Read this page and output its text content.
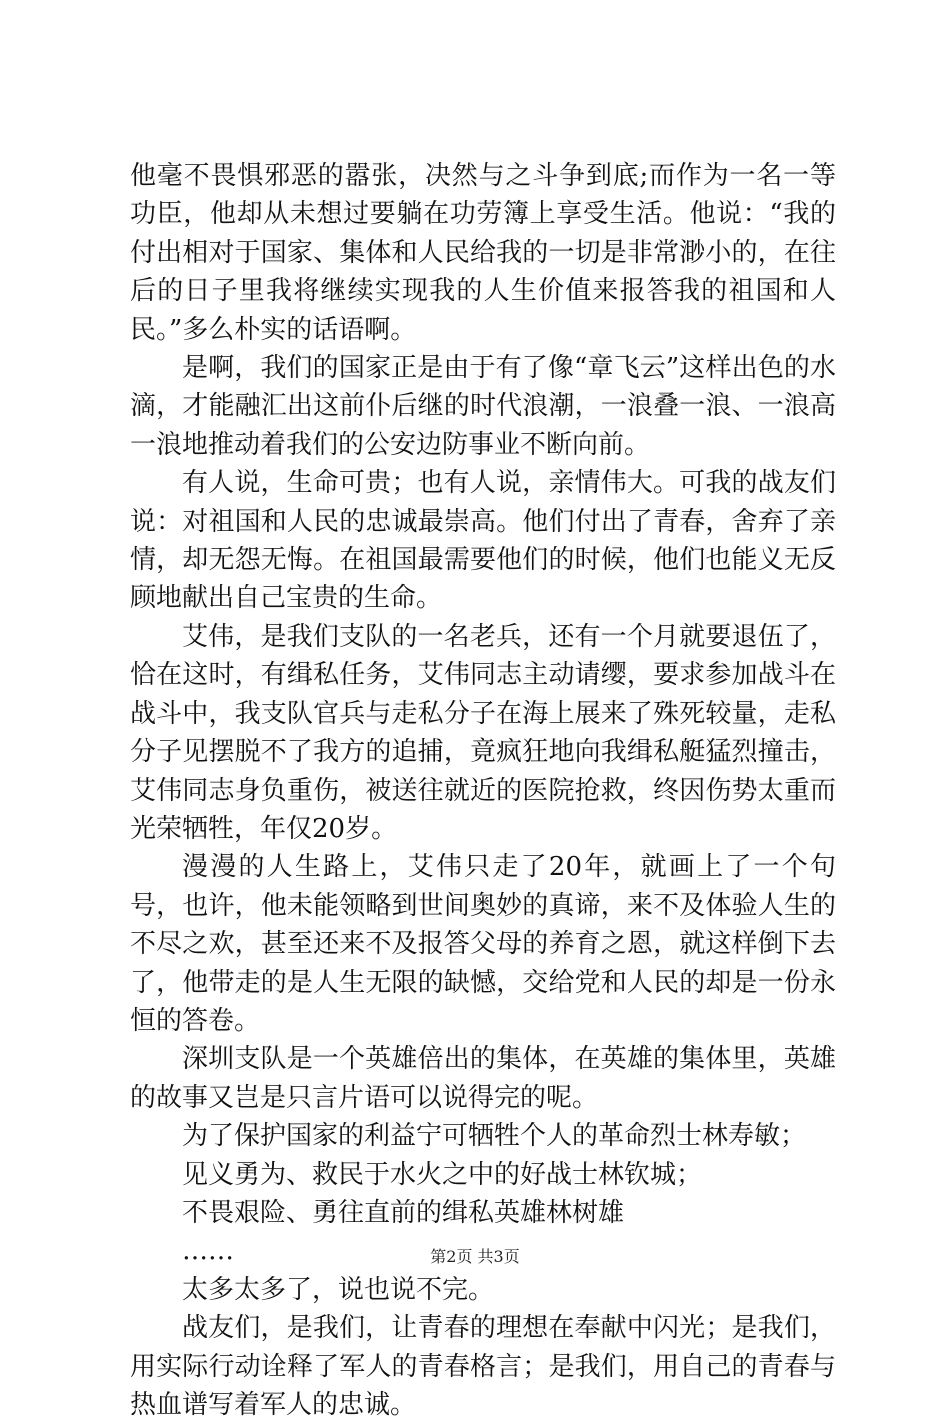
他毫不畏惧邪恶的嚣张，决然与之斗争到底;而作为一名一等功臣，他却从未想过要躺在功劳簿上享受生活。他说：“我的付出相对于国家、集体和人民给我的一切是非常渺小的，在往后的日子里我将继续实现我的人生价值来报答我的祖国和人民。”多么朴实的话语啊。

是啊，我们的国家正是由于有了像“章飞云”这样出色的水滴，才能融汇出这前仆后继的时代浪潮，一浪叠一浪、一浪高一浪地推动着我们的公安边防事业不断向前。

有人说，生命可贵；也有人说，亲情伟大。可我的战友们说：对祖国和人民的忠诚最崇高。他们付出了青春，舍弃了亲情，却无怨无悔。在祖国最需要他们的时候，他们也能义无反顾地献出自己宝贵的生命。

艾伟，是我们支队的一名老兵，还有一个月就要退伍了，恰在这时，有缉私任务，艾伟同志主动请缨，要求参加战斗在战斗中，我支队官兵与走私分子在海上展来了殊死较量，走私分子见摆脱不了我方的追捕，竟疯狂地向我缉私艇猛烈撞击，艾伟同志身负重伤，被送往就近的医院抢救，终因伤势太重而光荣牺牲，年仅20岁。

漫漫的人生路上，艾伟只走了20年，就画上了一个句号，也许，他未能领略到世间奥妙的真谛，来不及体验人生的不尽之欢，甚至还来不及报答父母的养育之恩，就这样倒下去了，他带走的是人生无限的缺憾，交给党和人民的却是一份永恒的答卷。

深圳支队是一个英雄倍出的集体，在英雄的集体里，英雄的故事又岂是只言片语可以说得完的呢。

为了保护国家的利益宁可牺牲个人的革命烈士林寿敏；

见义勇为、救民于水火之中的好战士林钦城；

不畏艰险、勇往直前的缉私英雄林树雄

……

太多太多了，说也说不完。

战友们，是我们，让青春的理想在奉献中闪光；是我们，用实际行动诠释了军人的青春格言；是我们，用自己的青春与热血谱写着军人的忠诚。

第2页 共3页
